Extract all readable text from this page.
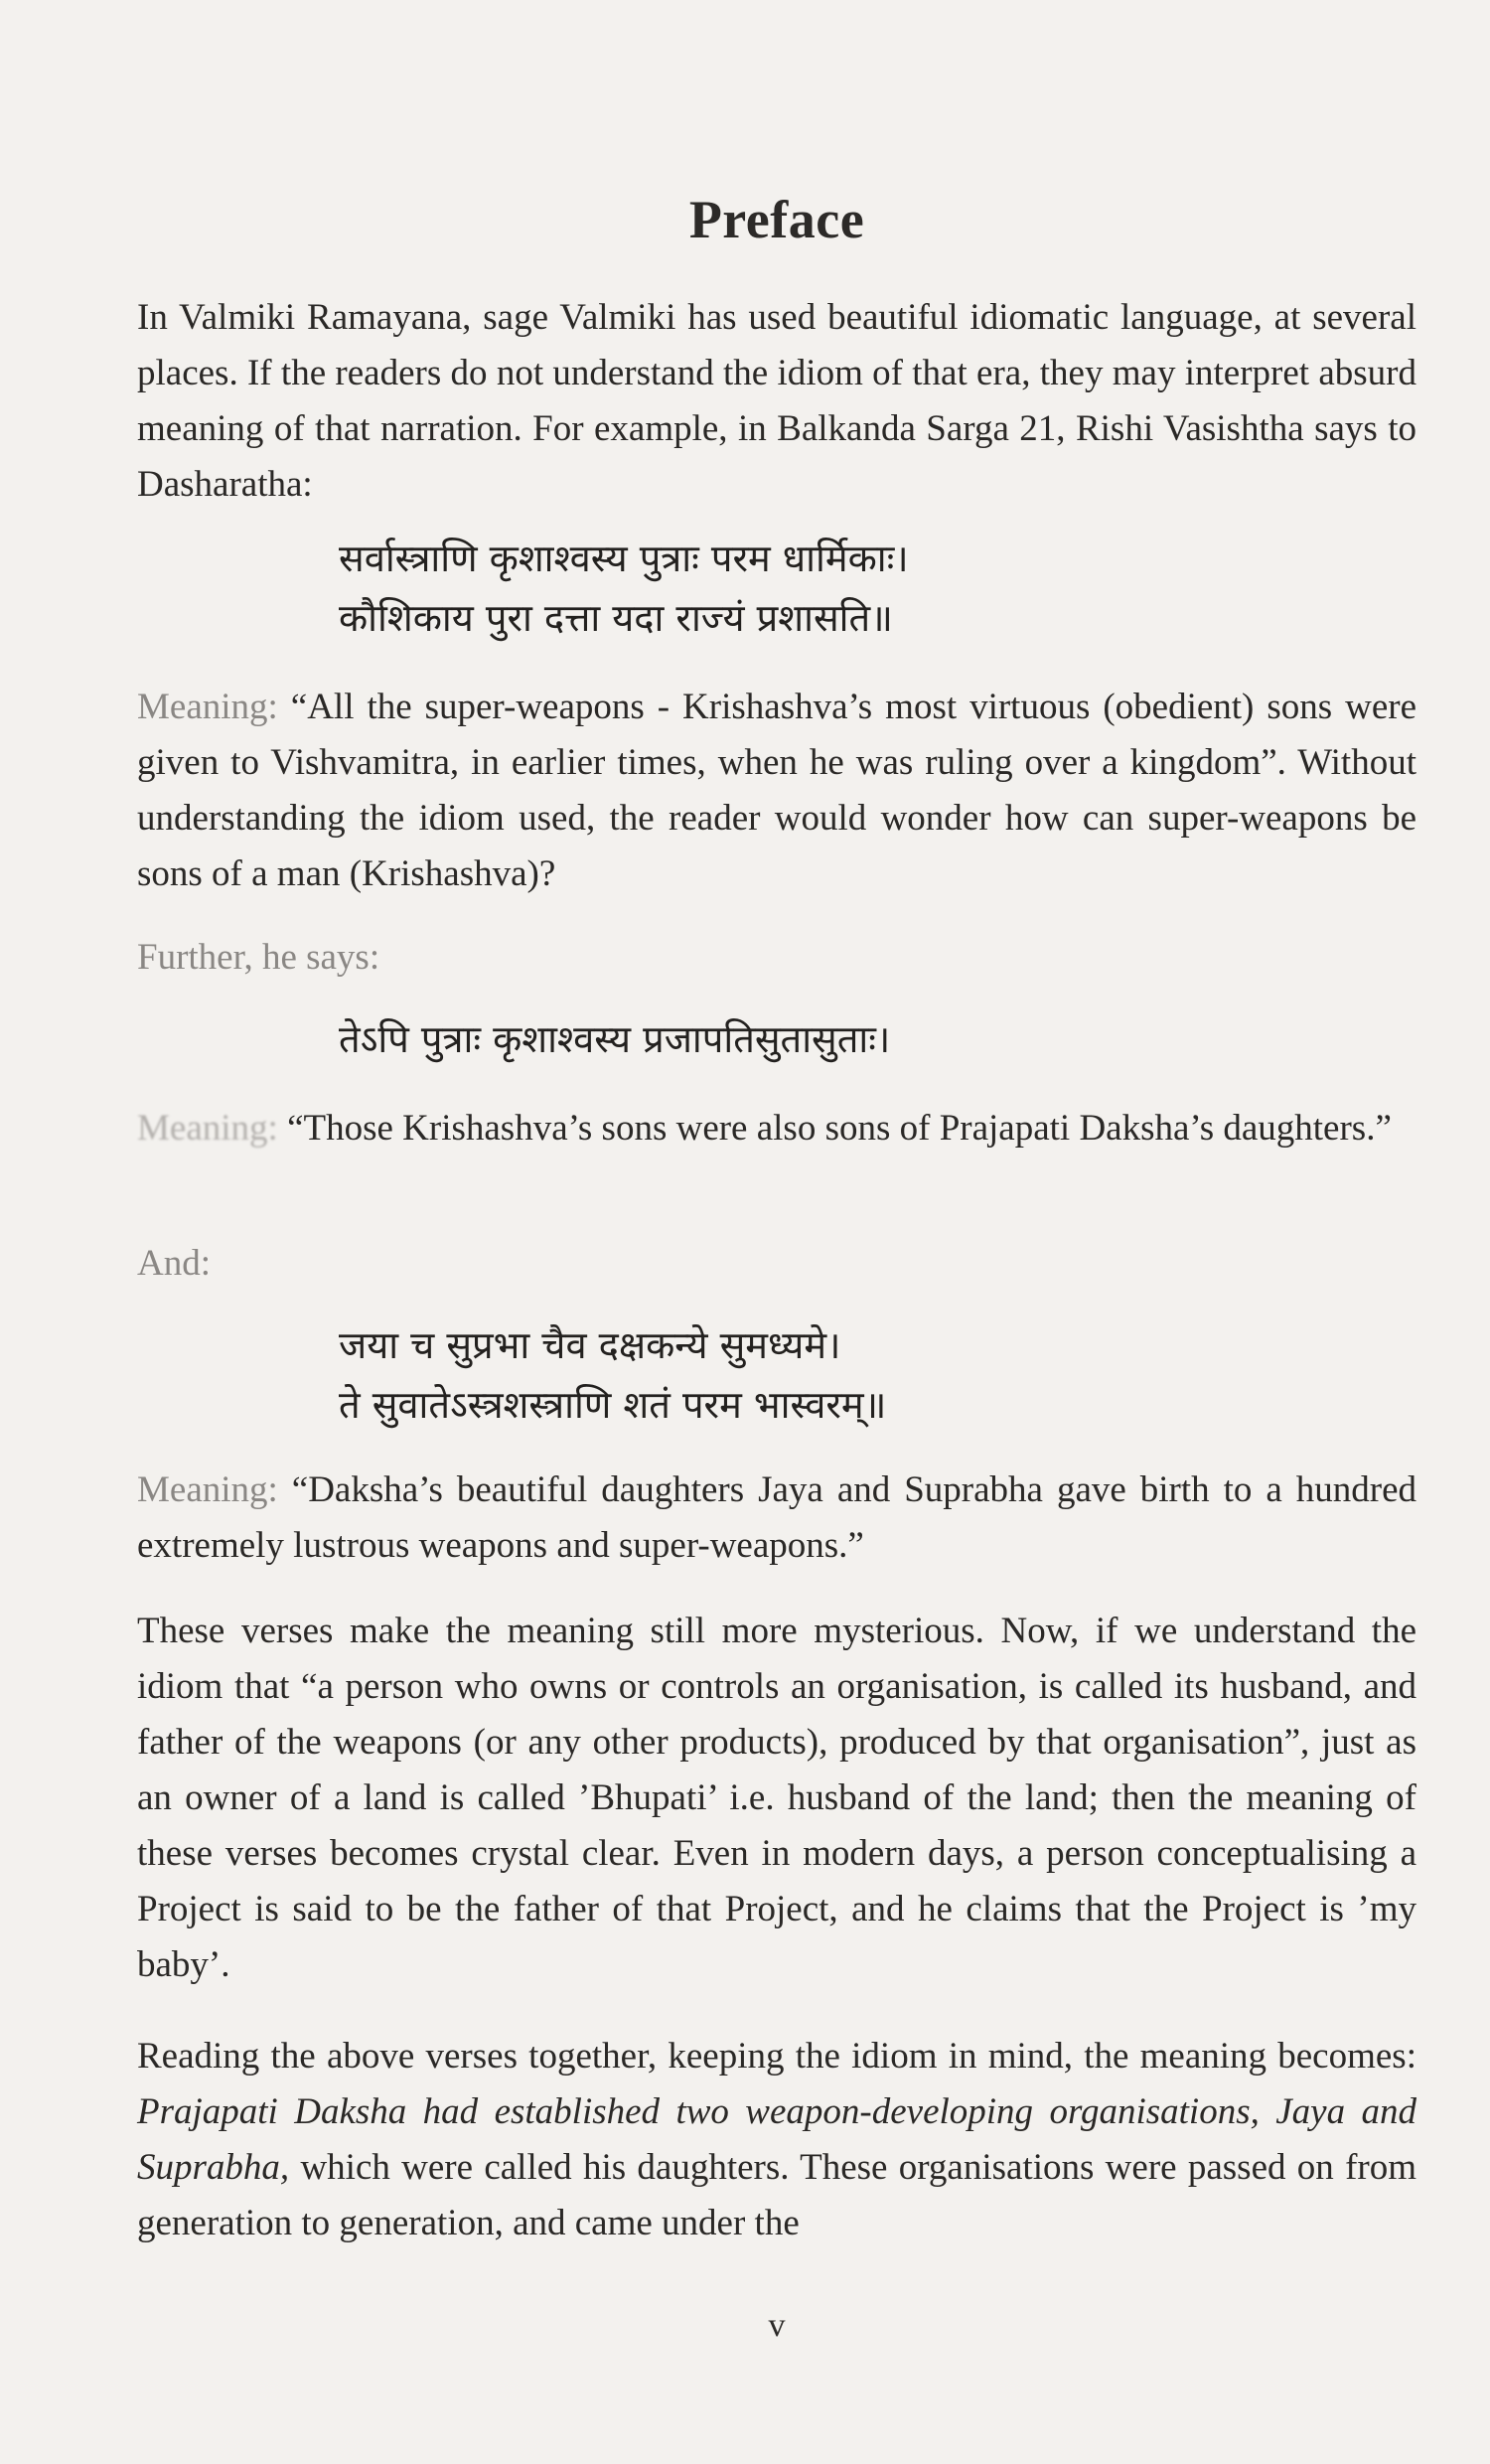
Preface

In Valmiki Ramayana, sage Valmiki has used beautiful idiomatic language, at several places. If the readers do not understand the idiom of that era, they may interpret absurd meaning of that narration. For example, in Balkanda Sarga 21, Rishi Vasishtha says to Dasharatha:

सर्वास्त्राणि कृशाश्वस्य पुत्राः परम धार्मिकाः।
कौशिकाय पुरा दत्ता यदा राज्यं प्रशासति॥

Meaning: “All the super-weapons - Krishashva’s most virtuous (obedient) sons were given to Vishvamitra, in earlier times, when he was ruling over a kingdom”. Without understanding the idiom used, the reader would wonder how can super-weapons be sons of a man (Krishashva)?

Further, he says:

तेऽपि पुत्राः कृशाश्वस्य प्रजापतिसुतासुताः।

Meaning: “Those Krishashva’s sons were also sons of Prajapati Daksha’s daughters.”

And:

जया च सुप्रभा चैव दक्षकन्ये सुमध्यमे।
ते सुवातेऽस्त्रशस्त्राणि शतं परम भास्वरम्॥

Meaning: “Daksha’s beautiful daughters Jaya and Suprabha gave birth to a hundred extremely lustrous weapons and super-weapons.”

These verses make the meaning still more mysterious. Now, if we understand the idiom that “a person who owns or controls an organisation, is called its husband, and father of the weapons (or any other products), produced by that organisation”, just as an owner of a land is called ’Bhupati’ i.e. husband of the land; then the meaning of these verses becomes crystal clear. Even in modern days, a person conceptualising a Project is said to be the father of that Project, and he claims that the Project is ’my baby’.

Reading the above verses together, keeping the idiom in mind, the meaning becomes: Prajapati Daksha had established two weapon-developing organisations, Jaya and Suprabha, which were called his daughters. These organisations were passed on from generation to generation, and came under the

v
